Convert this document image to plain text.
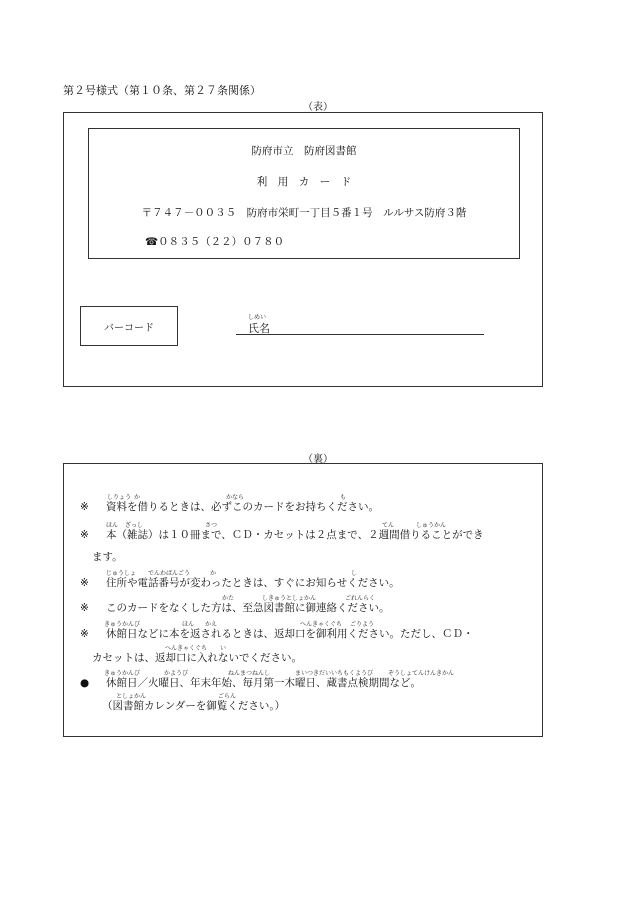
第２号様式（第１０条、第２７条関係）
（表）
防府市立　防府図書館
利　用　カ　ー　ド
〒７４７－００３５　防府市栄町一丁目５番１号　ルルサス防府３階
☎０８３５（２２）０７８０
バーコード
しめい
氏名
（裏）
※ 資料を借りるときは、必ずこのカードをお持ちください。
しりょう か	かなら	も
※ 本（雑誌）は１０冊まで、ＣＤ・カセットは２点まで、２週間借りることができ
ます。
ほん ざっし	さつ	てん	しゅうかん
※ 住所や電話番号が変わったときは、すぐにお知らせください。
じゅうしょ でんわばんごう	か	し
※ このカードをなくした方は、至急図書館に御連絡ください。
かた	しきゅうとしょかん	ごれんらく
※ 休館日などに本を返されるときは、返却口を御利用ください。ただし、ＣＤ・
カセットは、返却口に入れないでください。
きゅうかんび	ほん かえ	へんきゃくぐち ごりよう
へんきゃくぐち い
● 休館日／火曜日、年末年始、毎月第一木曜日、蔵書点検期間など。
（図書館カレンダーを御覧ください。）
きゅうかんび	かようび	ねんまつねんし	まいつきだいいちもくようび ぞうしょてんけんきかん
としょかん	ごらん
